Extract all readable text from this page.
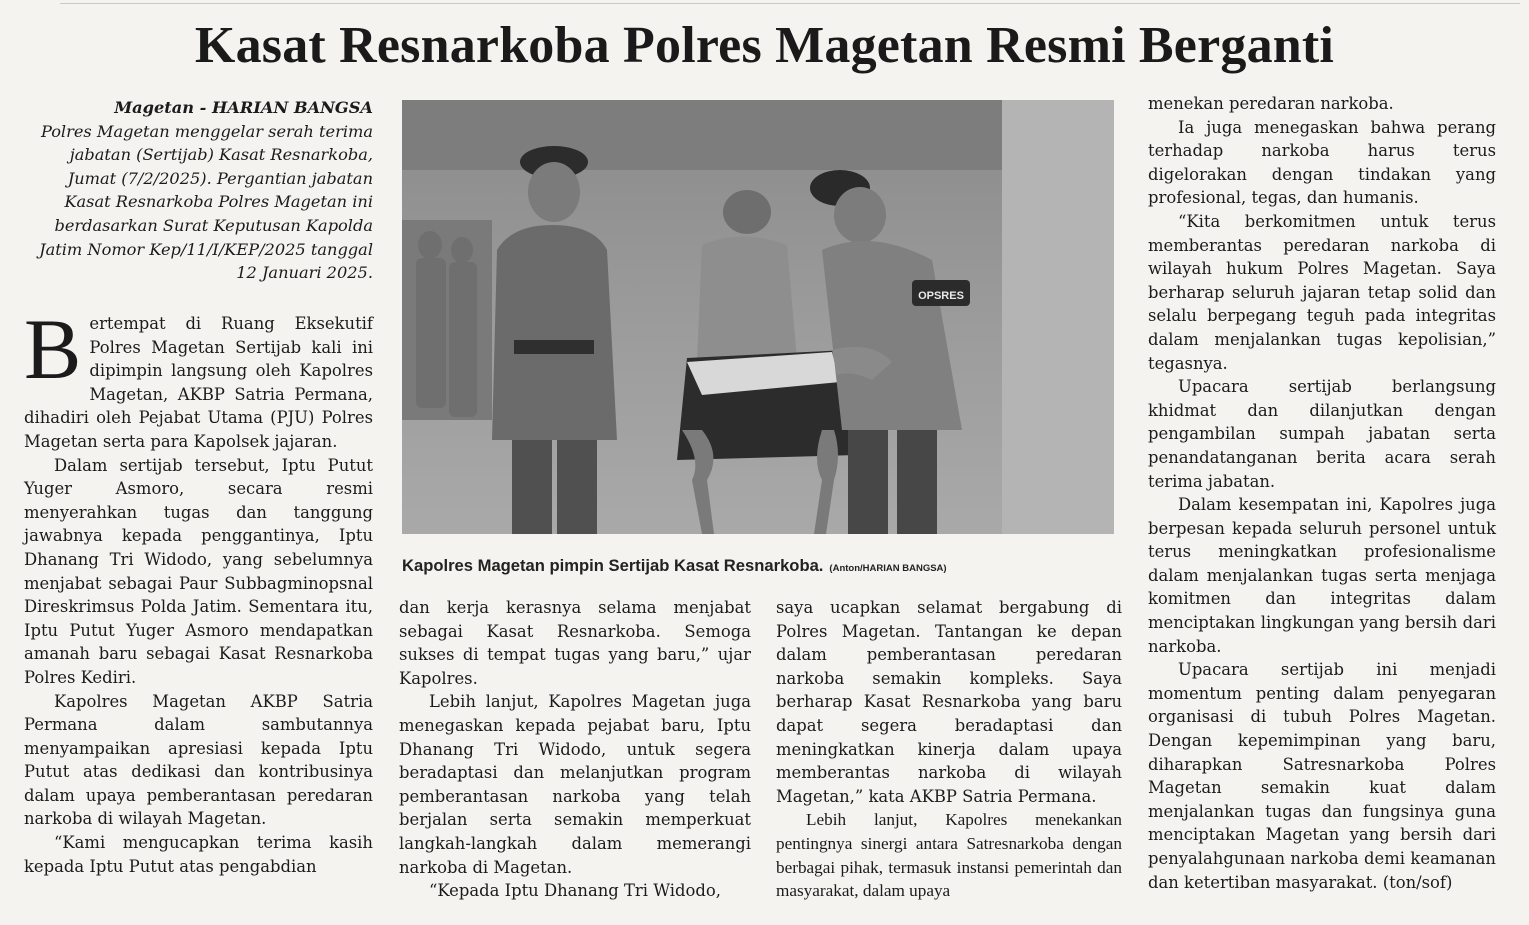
Kasat Resnarkoba Polres Magetan Resmi Berganti
Magetan - HARIAN BANGSA
Polres Magetan menggelar serah terima jabatan (Sertijab) Kasat Resnarkoba, Jumat (7/2/2025). Pergantian jabatan Kasat Resnarkoba Polres Magetan ini berdasarkan Surat Keputusan Kapolda Jatim Nomor Kep/11/I/KEP/2025 tanggal 12 Januari 2025.

Bertempat di Ruang Eksekutif Polres Magetan Sertijab kali ini dipimpin langsung oleh Kapolres Magetan, AKBP Satria Permana, dihadiri oleh Pejabat Utama (PJU) Polres Magetan serta para Kapolsek jajaran.

Dalam sertijab tersebut, Iptu Putut Yuger Asmoro, secara resmi menyerahkan tugas dan tanggung jawabnya kepada penggantinya, Iptu Dhanang Tri Widodo, yang sebelumnya menjabat sebagai Paur Subbagminopsnal Direskrimsus Polda Jatim. Sementara itu, Iptu Putut Yuger Asmoro mendapatkan amanah baru sebagai Kasat Resnarkoba Polres Kediri.

Kapolres Magetan AKBP Satria Permana dalam sambutannya menyampaikan apresiasi kepada Iptu Putut atas dedikasi dan kontribusinya dalam upaya pemberantasan peredaran narkoba di wilayah Magetan.

“Kami mengucapkan terima kasih kepada Iptu Putut atas pengabdian

OPSRES
Kapolres Magetan pimpin Sertijab Kasat Resnarkoba. (Anton/HARIAN BANGSA)

dan kerja kerasnya selama menjabat sebagai Kasat Resnarkoba. Semoga sukses di tempat tugas yang baru,” ujar Kapolres.

Lebih lanjut, Kapolres Magetan juga menegaskan kepada pejabat baru, Iptu Dhanang Tri Widodo, untuk segera beradaptasi dan melanjutkan program pemberantasan narkoba yang telah berjalan serta semakin memperkuat langkah-langkah dalam memerangi narkoba di Magetan.

“Kepada Iptu Dhanang Tri Widodo,

saya ucapkan selamat bergabung di Polres Magetan. Tantangan ke depan dalam pemberantasan peredaran narkoba semakin kompleks. Saya berharap Kasat Resnarkoba yang baru dapat segera beradaptasi dan meningkatkan kinerja dalam upaya memberantas narkoba di wilayah Magetan,” kata AKBP Satria Permana.

Lebih lanjut, Kapolres menekankan pentingnya sinergi antara Satresnarkoba dengan berbagai pihak, termasuk instansi pemerintah dan masyarakat, dalam upaya

menekan peredaran narkoba.

Ia juga menegaskan bahwa perang terhadap narkoba harus terus digelorakan dengan tindakan yang profesional, tegas, dan humanis.

“Kita berkomitmen untuk terus memberantas peredaran narkoba di wilayah hukum Polres Magetan. Saya berharap seluruh jajaran tetap solid dan selalu berpegang teguh pada integritas dalam menjalankan tugas kepolisian,” tegasnya.

Upacara sertijab berlangsung khidmat dan dilanjutkan dengan pengambilan sumpah jabatan serta penandatanganan berita acara serah terima jabatan.

Dalam kesempatan ini, Kapolres juga berpesan kepada seluruh personel untuk terus meningkatkan profesionalisme dalam menjalankan tugas serta menjaga komitmen dan integritas dalam menciptakan lingkungan yang bersih dari narkoba.

Upacara sertijab ini menjadi momentum penting dalam penyegaran organisasi di tubuh Polres Magetan. Dengan kepemimpinan yang baru, diharapkan Satresnarkoba Polres Magetan semakin kuat dalam menjalankan tugas dan fungsinya guna menciptakan Magetan yang bersih dari penyalahgunaan narkoba demi keamanan dan ketertiban masyarakat. (ton/sof)
